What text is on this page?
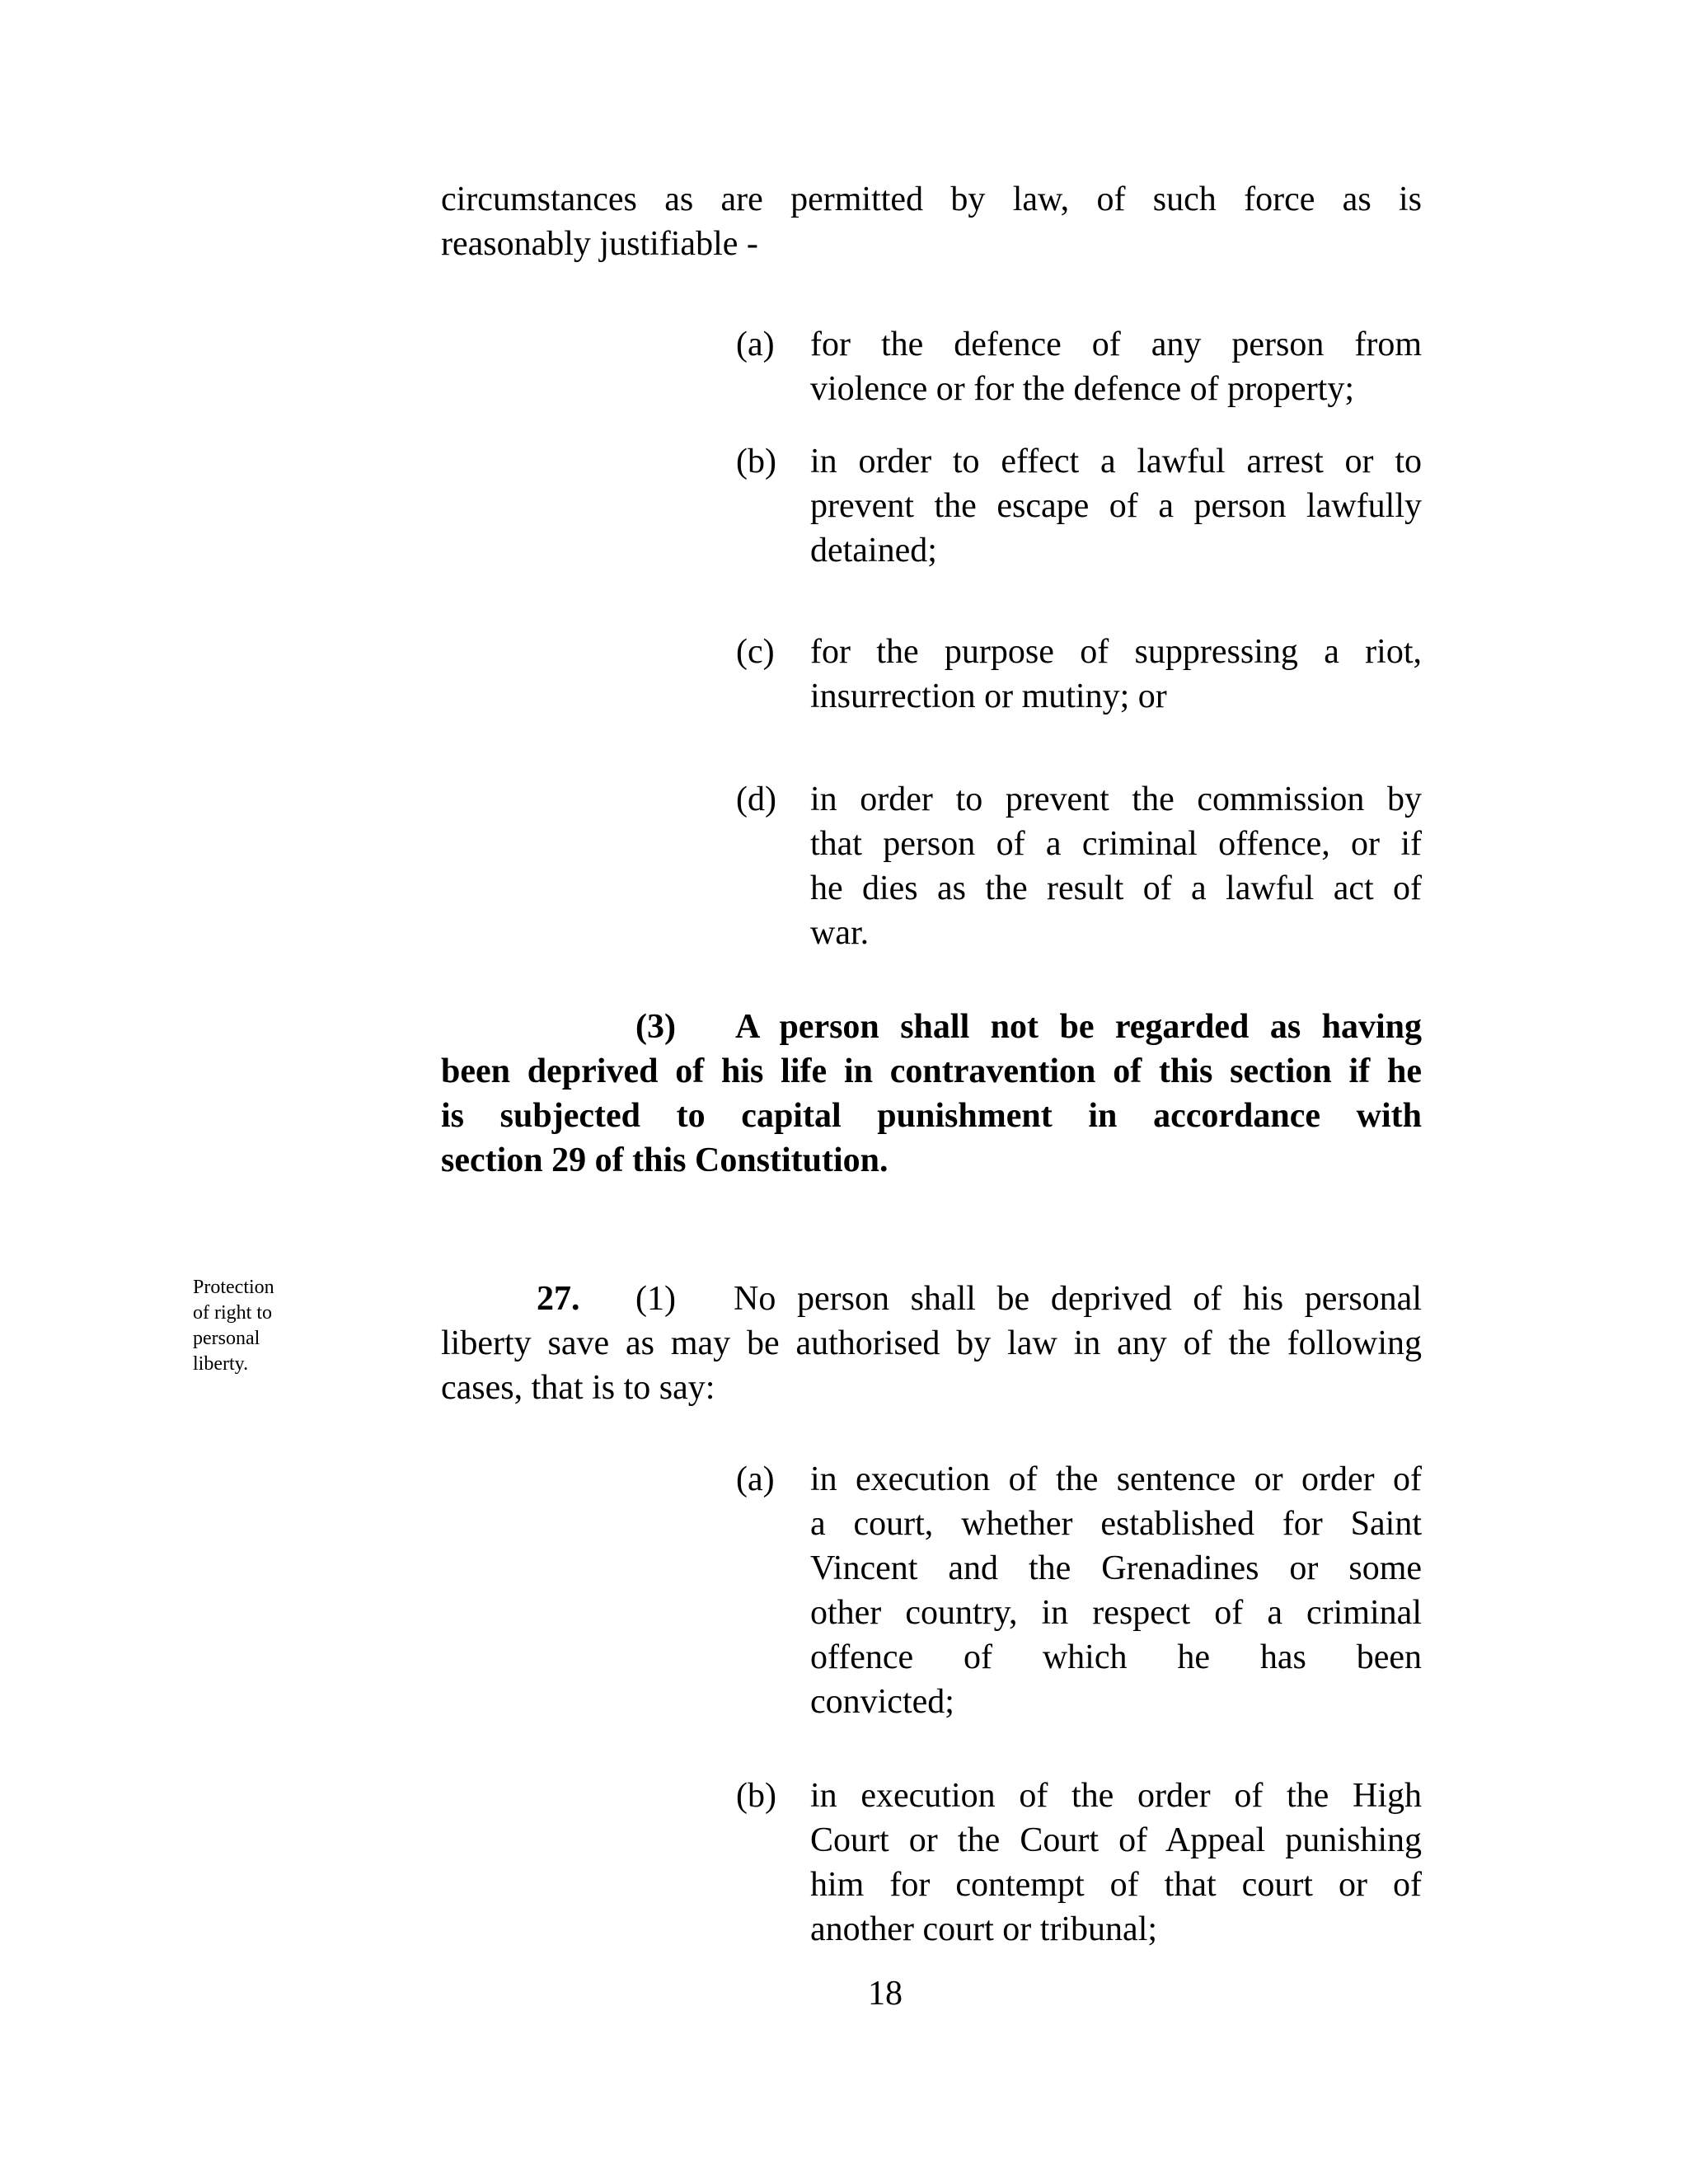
circumstances as are permitted by law, of such force as is
reasonably justifiable -
(a)	for the defence of any person from
violence or for the defence of property;
(b) in order to effect a lawful arrest or to
prevent the escape of a person lawfully
detained;
(c)	for the purpose of suppressing a riot,
insurrection or mutiny; or
(d) in order to prevent the commission by
that person of a criminal offence, or if
he dies as the result of a lawful act of
war.
(3) A person shall not be regarded as having
been deprived of his life in contravention of this section if he
is subjected to capital punishment in accordance with
section 29 of this Constitution.
Protection
of right to
personal
liberty.
27. (1) No person shall be deprived of his personal
liberty save as may be authorised by law in any of the following
cases, that is to say:
(a)	in execution of the sentence or order of
a court, whether established for Saint
Vincent and the Grenadines or some
other country, in respect of a criminal
offence of which he has been
convicted;
(b) in execution of the order of the High
Court or the Court of Appeal punishing
him for contempt of that court or of
another court or tribunal;
18
